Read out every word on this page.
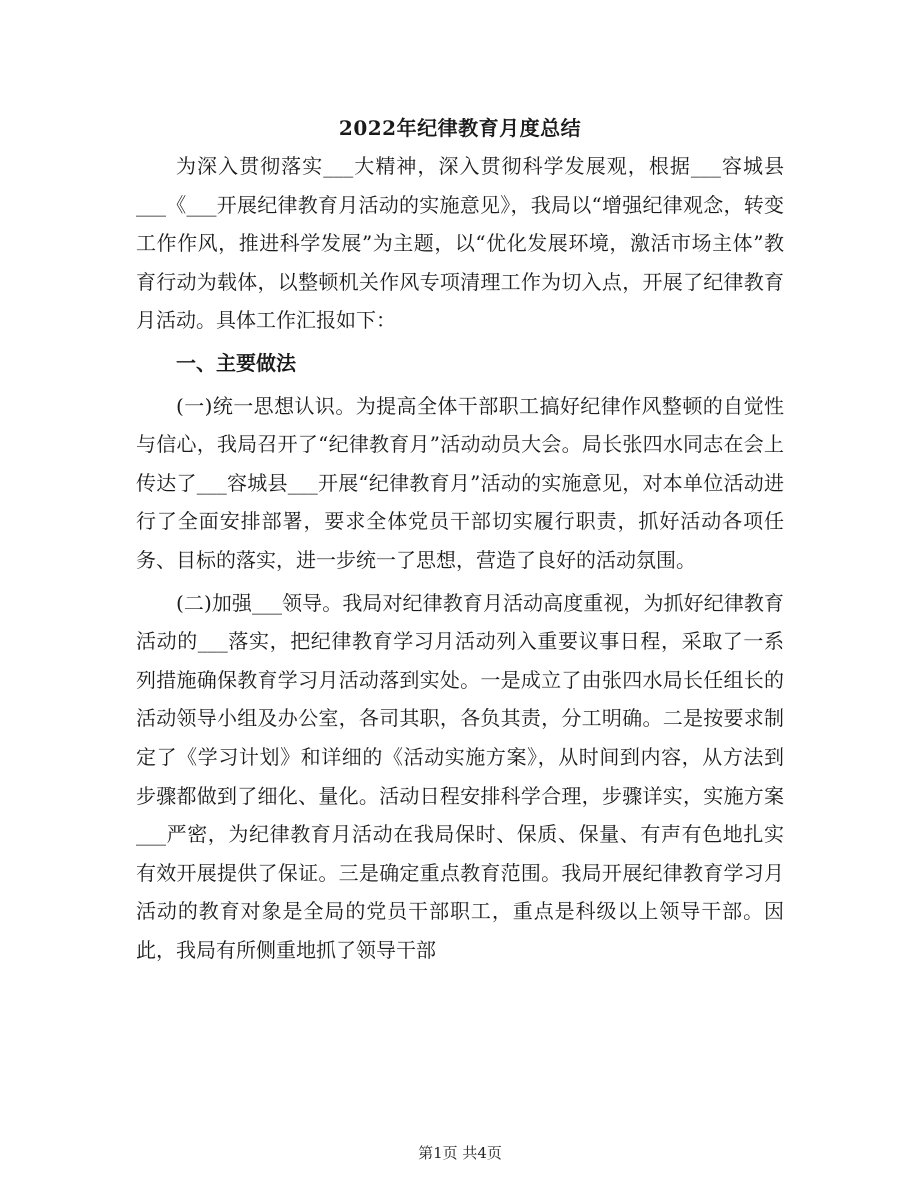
2022年纪律教育月度总结

为深入贯彻落实___大精神，深入贯彻科学发展观，根据___容城县___《___开展纪律教育月活动的实施意见》，我局以“增强纪律观念，转变工作作风，推进科学发展”为主题，以“优化发展环境，激活市场主体”教育行动为载体，以整顿机关作风专项清理工作为切入点，开展了纪律教育月活动。具体工作汇报如下：

一、主要做法

(一)统一思想认识。为提高全体干部职工搞好纪律作风整顿的自觉性与信心，我局召开了“纪律教育月”活动动员大会。局长张四水同志在会上传达了___容城县___开展“纪律教育月”活动的实施意见，对本单位活动进行了全面安排部署，要求全体党员干部切实履行职责，抓好活动各项任务、目标的落实，进一步统一了思想，营造了良好的活动氛围。

(二)加强___领导。我局对纪律教育月活动高度重视，为抓好纪律教育活动的___落实，把纪律教育学习月活动列入重要议事日程，采取了一系列措施确保教育学习月活动落到实处。一是成立了由张四水局长任组长的活动领导小组及办公室，各司其职，各负其责，分工明确。二是按要求制定了《学习计划》和详细的《活动实施方案》，从时间到内容，从方法到步骤都做到了细化、量化。活动日程安排科学合理，步骤详实，实施方案___严密，为纪律教育月活动在我局保时、保质、保量、有声有色地扎实有效开展提供了保证。三是确定重点教育范围。我局开展纪律教育学习月活动的教育对象是全局的党员干部职工，重点是科级以上领导干部。因此，我局有所侧重地抓了领导干部

第1页 共4页
